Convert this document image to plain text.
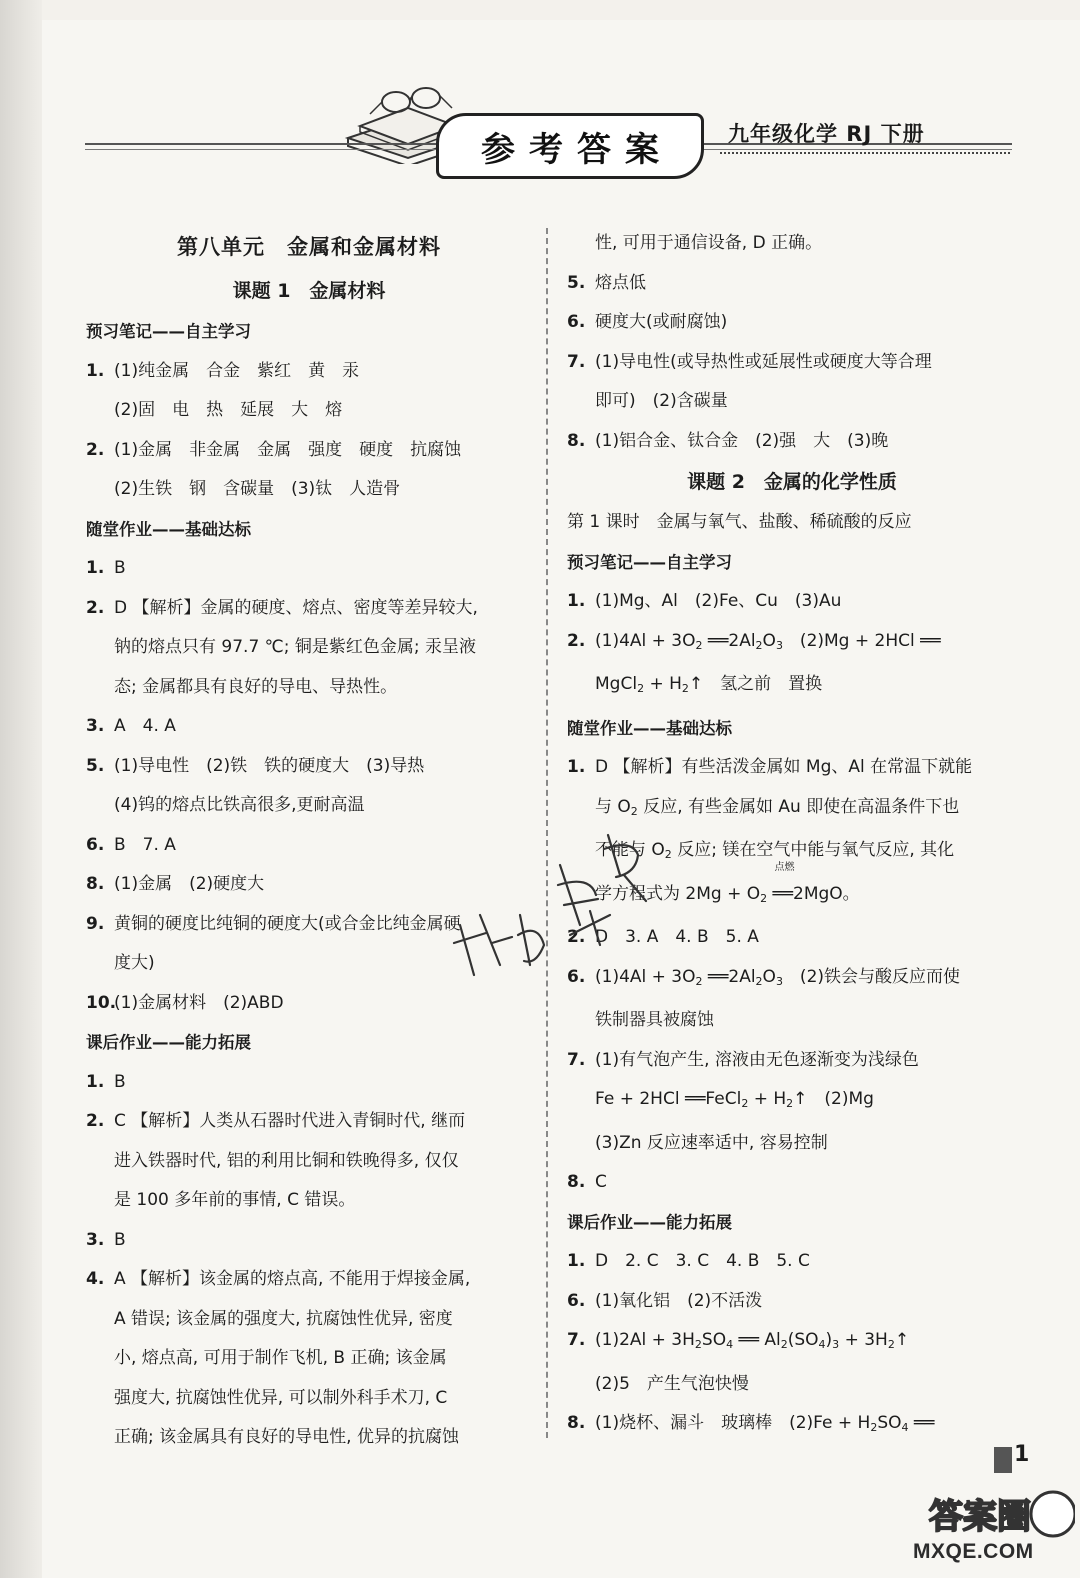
参考答案	九年级化学 RJ 下册
第八单元　金属和金属材料
课题 1　金属材料
预习笔记——自主学习
1. (1)纯金属　合金　紫红　黄　汞
(2)固　电　热　延展　大　熔
2. (1)金属　非金属　金属　强度　硬度　抗腐蚀
(2)生铁　钢　含碳量　(3)钛　人造骨
随堂作业——基础达标
1. B
2. D 【解析】金属的硬度、熔点、密度等差异较大,
钠的熔点只有 97.7 ℃; 铜是紫红色金属; 汞呈液
态; 金属都具有良好的导电、导热性。
3. A　4. A
5. (1)导电性　(2)铁　铁的硬度大　(3)导热
(4)钨的熔点比铁高很多,更耐高温
6. B　7. A
8. (1)金属　(2)硬度大
9. 黄铜的硬度比纯铜的硬度大(或合金比纯金属硬
度大)
10.(1)金属材料　(2)ABD
课后作业——能力拓展
1. B
2. C 【解析】人类从石器时代进入青铜时代, 继而
进入铁器时代, 铝的利用比铜和铁晚得多, 仅仅
是 100 多年前的事情, C 错误。
3. B
4. A 【解析】该金属的熔点高, 不能用于焊接金属,
A 错误; 该金属的强度大, 抗腐蚀性优异, 密度
小, 熔点高, 可用于制作飞机, B 正确; 该金属
强度大, 抗腐蚀性优异, 可以制外科手术刀, C
正确; 该金属具有良好的导电性, 优异的抗腐蚀
性, 可用于通信设备, D 正确。
5. 熔点低
6. 硬度大(或耐腐蚀)
7. (1)导电性(或导热性或延展性或硬度大等合理
即可)　(2)含碳量
8. (1)铝合金、钛合金　(2)强　大　(3)晚
课题 2　金属的化学性质
第 1 课时　金属与氧气、盐酸、稀硫酸的反应
预习笔记——自主学习
1. (1)Mg、Al　(2)Fe、Cu　(3)Au
2. $(1)4Al + 3O_2$ $══2Al_2O_3$　(2)Mg + 2HCl ══
MgCl$_2$ + $H_2↑$　氢之前　置换
随堂作业——基础达标
1. D 【解析】有些活泼金属如 Mg、Al 在常温下就能
与 $O_2$ 反应, 有些金属如 Au 即使在高温条件下也
不能与 $O_2$ 反应; 镁在空气中能与氧气反应, 其化
学方程式为 $2Mg + O_2$
点燃
══2MgO。
2. D　3. A　4. B　5. A
6. $(1)4Al + 3O_2$ $══2Al_2O_3$　(2)铁会与酸反应而使
铁制器具被腐蚀
7. (1)有气泡产生, 溶液由无色逐渐变为浅绿色
Fe + 2HCl ══FeCl$_2$ + $H_2↑$　(2)Mg
(3)Zn 反应速率适中, 容易控制
8. C
课后作业——能力拓展
1. D　2. C　3. C　4. B　5. C
6. (1)氧化铝　(2)不活泼
7. $(1)2Al + 3H_2SO_4$ ══ $Al_2(SO_4)_3$ + $3H_2↑$
(2)5　产生气泡快慢
8. (1)烧杯、漏斗　玻璃棒　$(2)Fe + H_2SO_4$ ══
1
答案圈
MXQE.COM
